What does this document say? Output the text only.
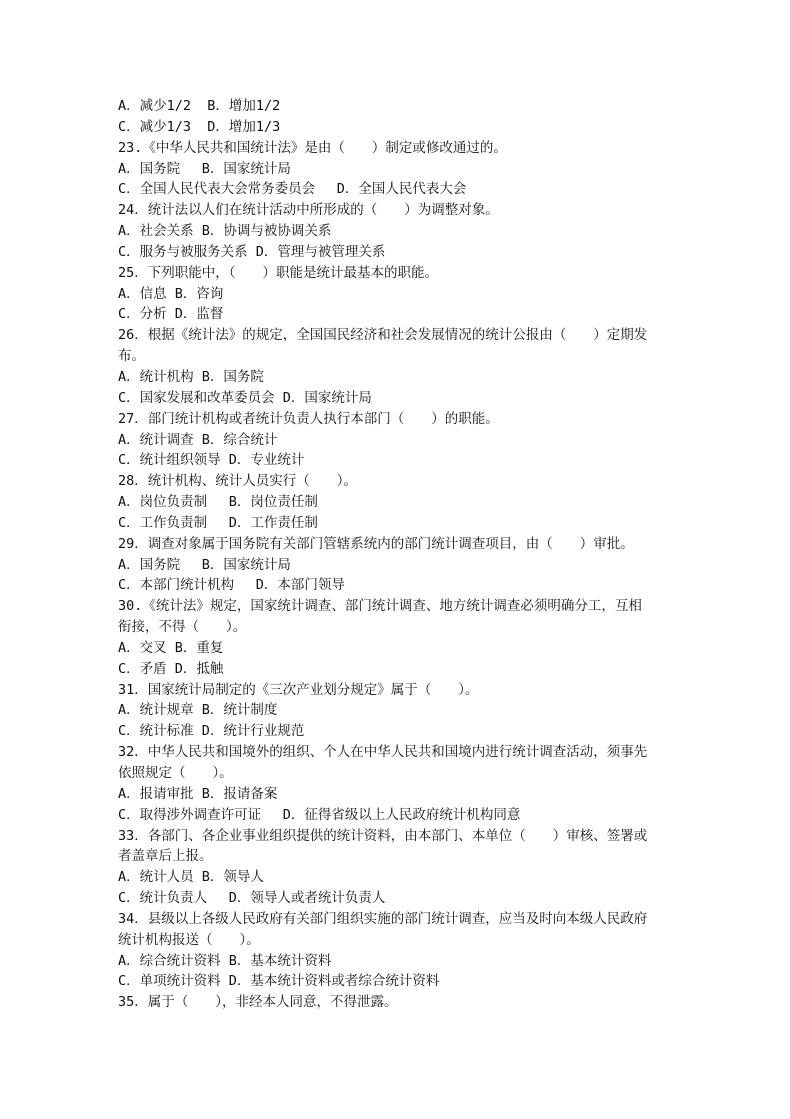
A．减少1/2  B．增加1/2
C．减少1/3  D．增加1/3
23.《中华人民共和国统计法》是由（　　）制定或修改通过的。
A．国务院　 B．国家统计局
C．全国人民代表大会常务委员会　 D．全国人民代表大会
24．统计法以人们在统计活动中所形成的（　　）为调整对象。
A．社会关系 B．协调与被协调关系
C．服务与被服务关系 D．管理与被管理关系
25．下列职能中，（　　）职能是统计最基本的职能。
A．信息 B．咨询
C．分析 D．监督
26．根据《统计法》的规定，全国国民经济和社会发展情况的统计公报由（　　）定期发
布。
A．统计机构 B．国务院
C．国家发展和改革委员会 D．国家统计局
27．部门统计机构或者统计负责人执行本部门（　　）的职能。
A．统计调查 B．综合统计
C．统计组织领导 D．专业统计
28．统计机构、统计人员实行（　　）。
A．岗位负责制　 B．岗位责任制
C．工作负责制　 D．工作责任制
29．调查对象属于国务院有关部门管辖系统内的部门统计调查项目，由（　　）审批。
A．国务院　 B．国家统计局
C．本部门统计机构　 D．本部门领导
30.《统计法》规定，国家统计调查、部门统计调查、地方统计调查必须明确分工，互相
衔接，不得（　　）。
A．交叉 B．重复
C．矛盾 D．抵触
31．国家统计局制定的《三次产业划分规定》属于（　　）。
A．统计规章 B．统计制度
C．统计标准 D．统计行业规范
32．中华人民共和国境外的组织、个人在中华人民共和国境内进行统计调查活动，须事先
依照规定（　　）。
A．报请审批 B．报请备案
C．取得涉外调查许可证　 D．征得省级以上人民政府统计机构同意
33．各部门、各企业事业组织提供的统计资料，由本部门、本单位（　　）审核、签署或
者盖章后上报。
A．统计人员 B．领导人
C．统计负责人　 D．领导人或者统计负责人
34．县级以上各级人民政府有关部门组织实施的部门统计调查，应当及时向本级人民政府
统计机构报送（　　）。
A．综合统计资料 B．基本统计资料
C．单项统计资料 D．基本统计资料或者综合统计资料
35．属于（　　），非经本人同意，不得泄露。
